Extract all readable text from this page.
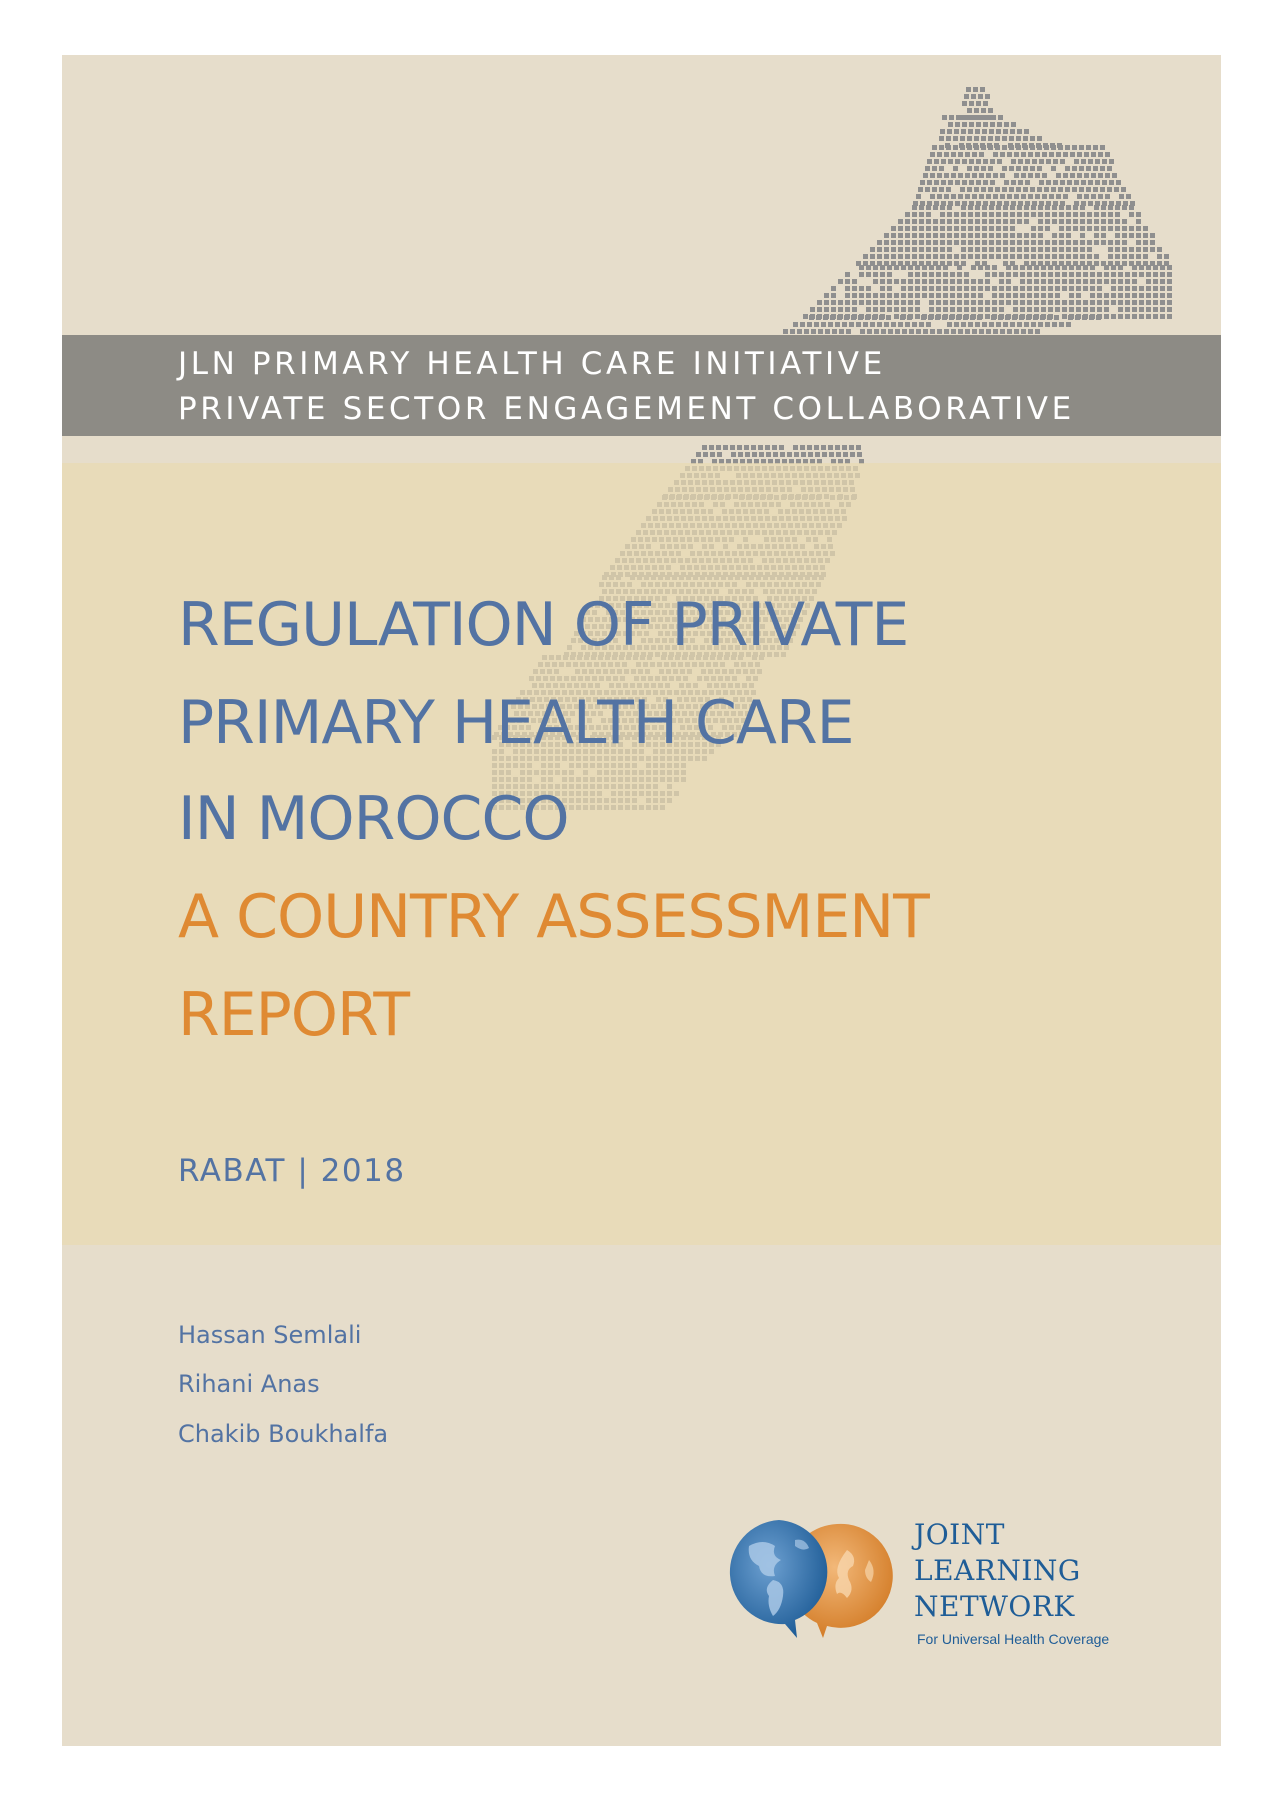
JLN PRIMARY HEALTH CARE INITIATIVE
PRIVATE SECTOR ENGAGEMENT COLLABORATIVE
REGULATION OF PRIVATE
PRIMARY HEALTH CARE
IN MOROCCO
A COUNTRY ASSESSMENT
REPORT
RABAT | 2018
Hassan Semlali
Rihani Anas
Chakib Boukhalfa
JOINT
LEARNING
NETWORK
For Universal Health Coverage
